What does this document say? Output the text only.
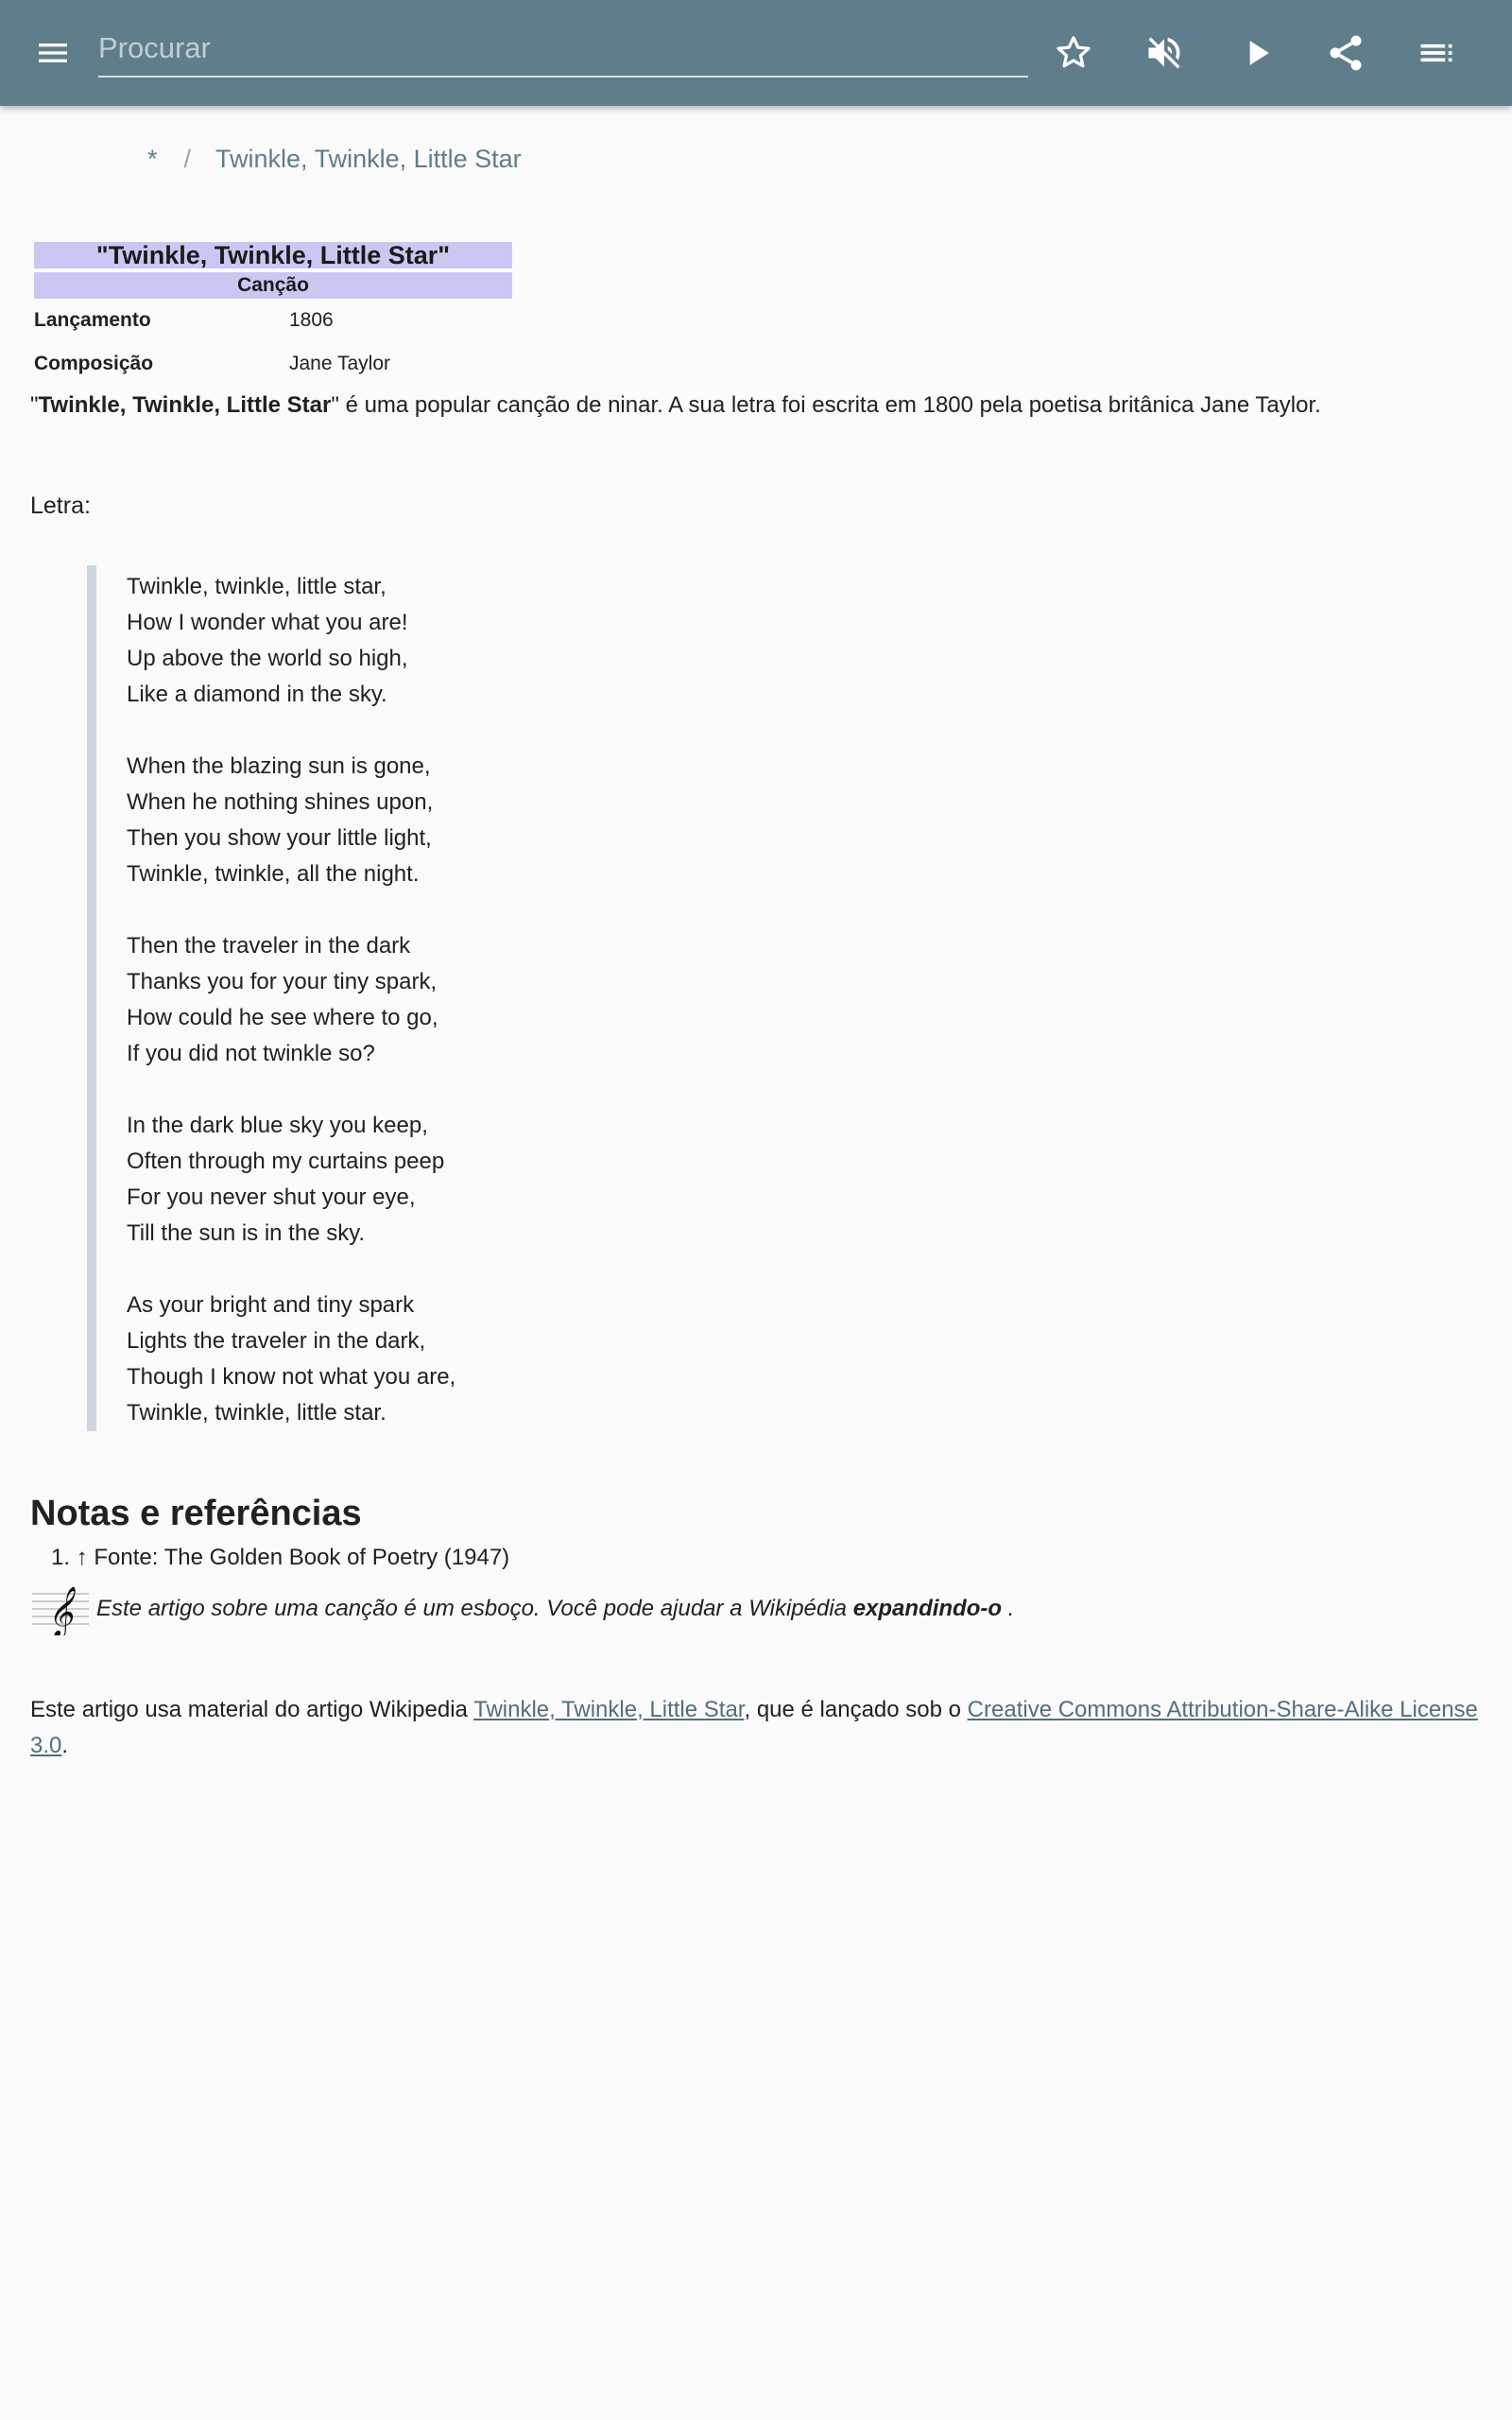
Procurar
* / Twinkle, Twinkle, Little Star
"Twinkle, Twinkle, Little Star"
Canção
Lançamento	1806
Composição	Jane Taylor

"Twinkle, Twinkle, Little Star" é uma popular canção de ninar. A sua letra foi escrita em 1800 pela poetisa britânica Jane Taylor.

Letra:

Twinkle, twinkle, little star,
How I wonder what you are!
Up above the world so high,
Like a diamond in the sky.
When the blazing sun is gone,
When he nothing shines upon,
Then you show your little light,
Twinkle, twinkle, all the night.
Then the traveler in the dark
Thanks you for your tiny spark,
How could he see where to go,
If you did not twinkle so?
In the dark blue sky you keep,
Often through my curtains peep
For you never shut your eye,
Till the sun is in the sky.
As your bright and tiny spark
Lights the traveler in the dark,
Though I know not what you are,
Twinkle, twinkle, little star.
Notas e referências
1. ↑ Fonte: The Golden Book of Poetry (1947)
𝄞 Este artigo sobre uma canção é um esboço. Você pode ajudar a Wikipédia expandindo-o .

Este artigo usa material do artigo Wikipedia Twinkle, Twinkle, Little Star, que é lançado sob o Creative Commons Attribution-Share-Alike License 3.0.
